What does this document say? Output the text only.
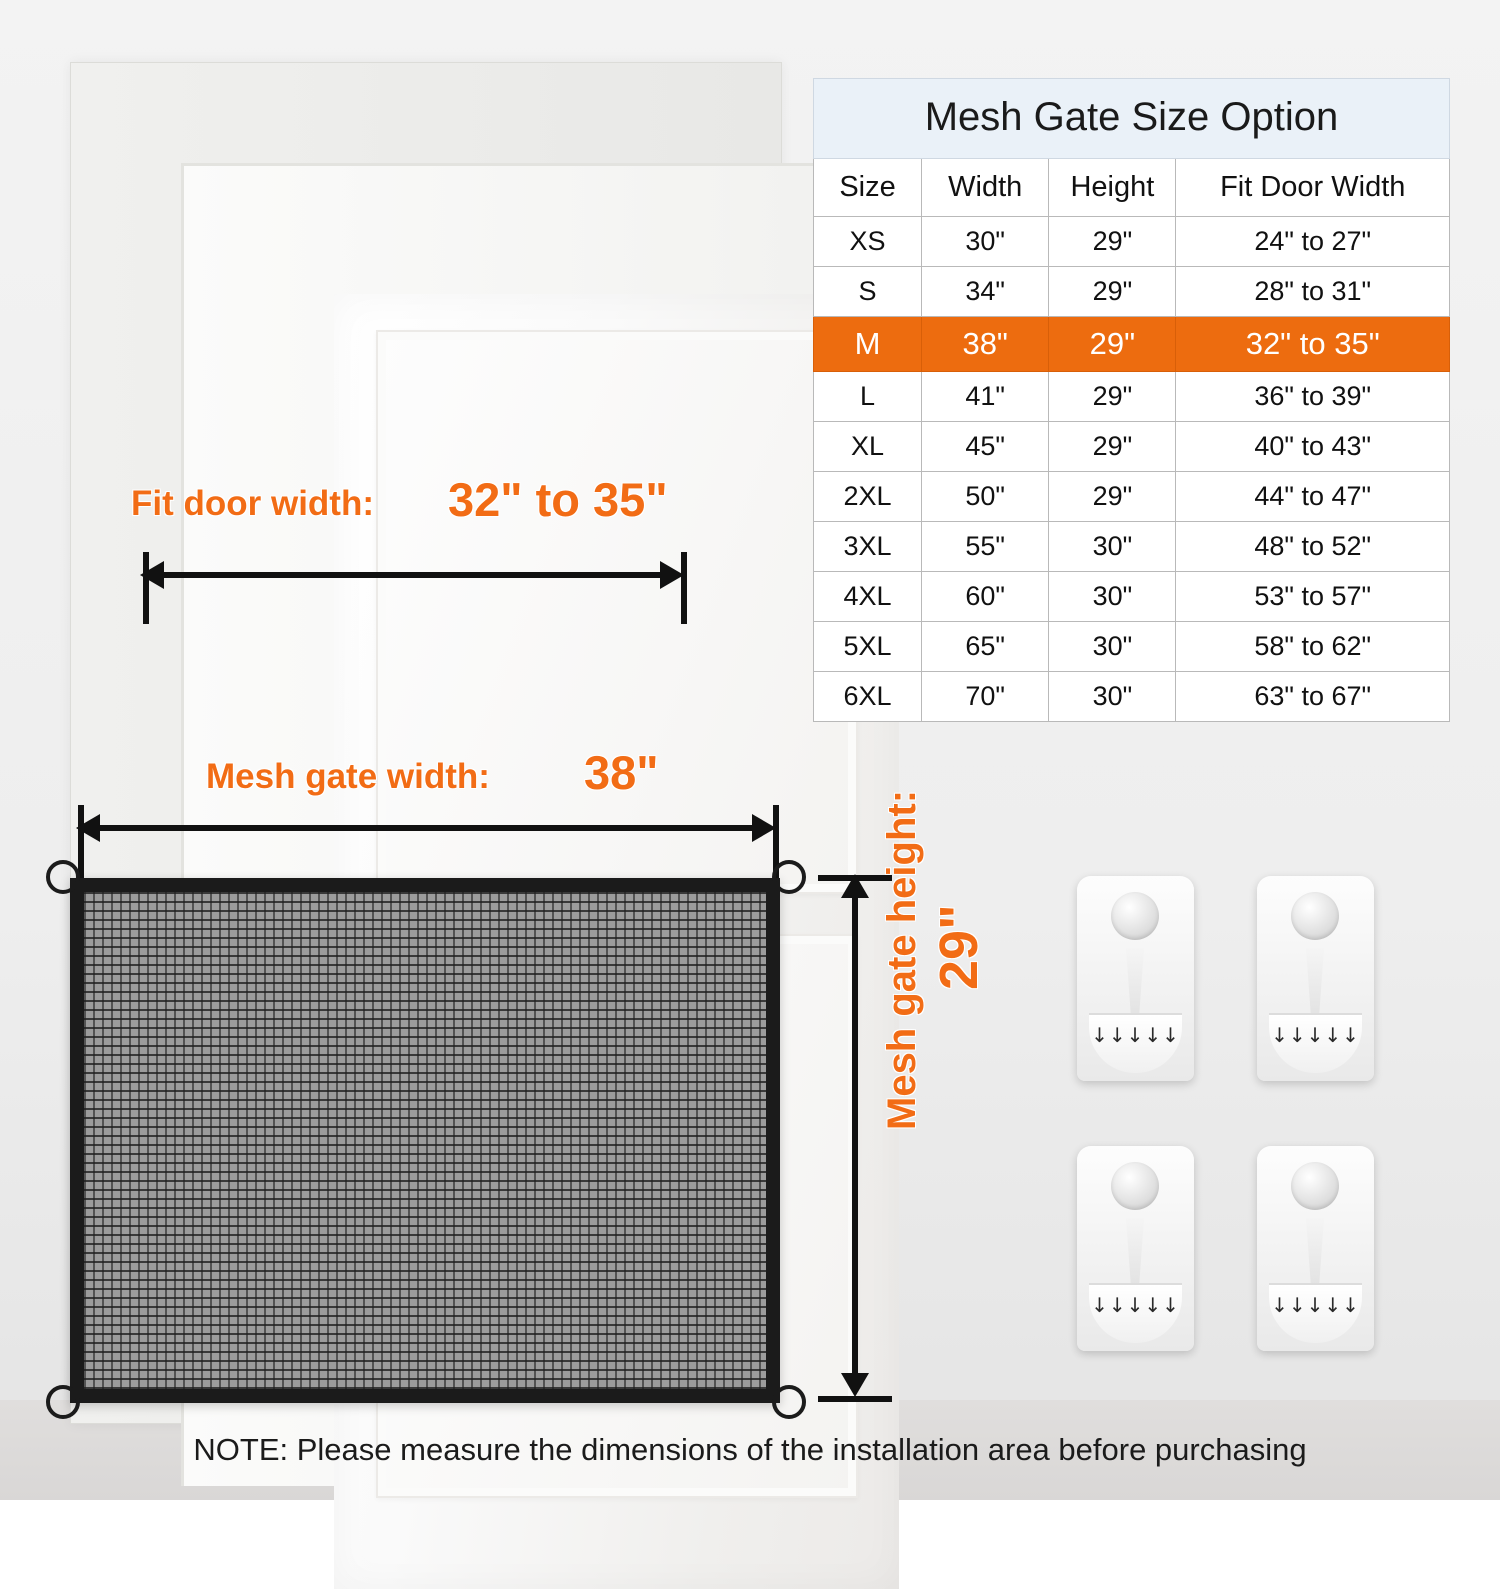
Fit door width: 32" to 35"
Mesh gate width: 38"
Mesh gate height: 29"
Mesh Gate Size Option			
Size	Width	Height	Fit Door Width
XS	30"	29"	24" to 27"
S	34"	29"	28" to 31"
M	38"	29"	32" to 35"
L	41"	29"	36" to 39"
XL	45"	29"	40" to 43"
2XL	50"	29"	44" to 47"
3XL	55"	30"	48" to 52"
4XL	60"	30"	53" to 57"
5XL	65"	30"	58" to 62"
6XL	70"	30"	63" to 67"
↓↓↓↓↓	↓↓↓↓↓
↓↓↓↓↓	↓↓↓↓↓
NOTE: Please measure the dimensions of the installation area before purchasing
